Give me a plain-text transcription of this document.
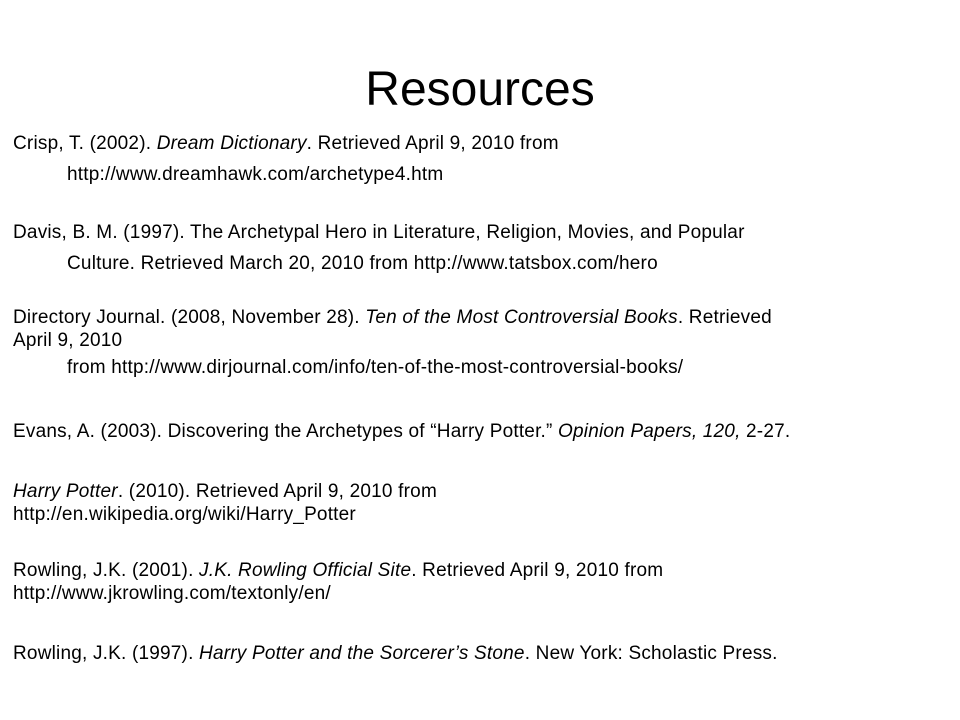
Resources
Crisp, T. (2002). Dream Dictionary. Retrieved April 9, 2010 from
http://www.dreamhawk.com/archetype4.htm
Davis, B. M. (1997). The Archetypal Hero in Literature, Religion, Movies, and Popular
Culture. Retrieved March 20, 2010 from http://www.tatsbox.com/hero
Directory Journal. (2008, November 28). Ten of the Most Controversial Books. Retrieved
April 9, 2010
from http://www.dirjournal.com/info/ten-of-the-most-controversial-books/
Evans, A. (2003). Discovering the Archetypes of “Harry Potter.” Opinion Papers, 120, 2-27.
Harry Potter. (2010). Retrieved April 9, 2010 from
http://en.wikipedia.org/wiki/Harry_Potter
Rowling, J.K. (2001). J.K. Rowling Official Site. Retrieved April 9, 2010 from
http://www.jkrowling.com/textonly/en/
Rowling, J.K. (1997). Harry Potter and the Sorcerer’s Stone. New York: Scholastic Press.
